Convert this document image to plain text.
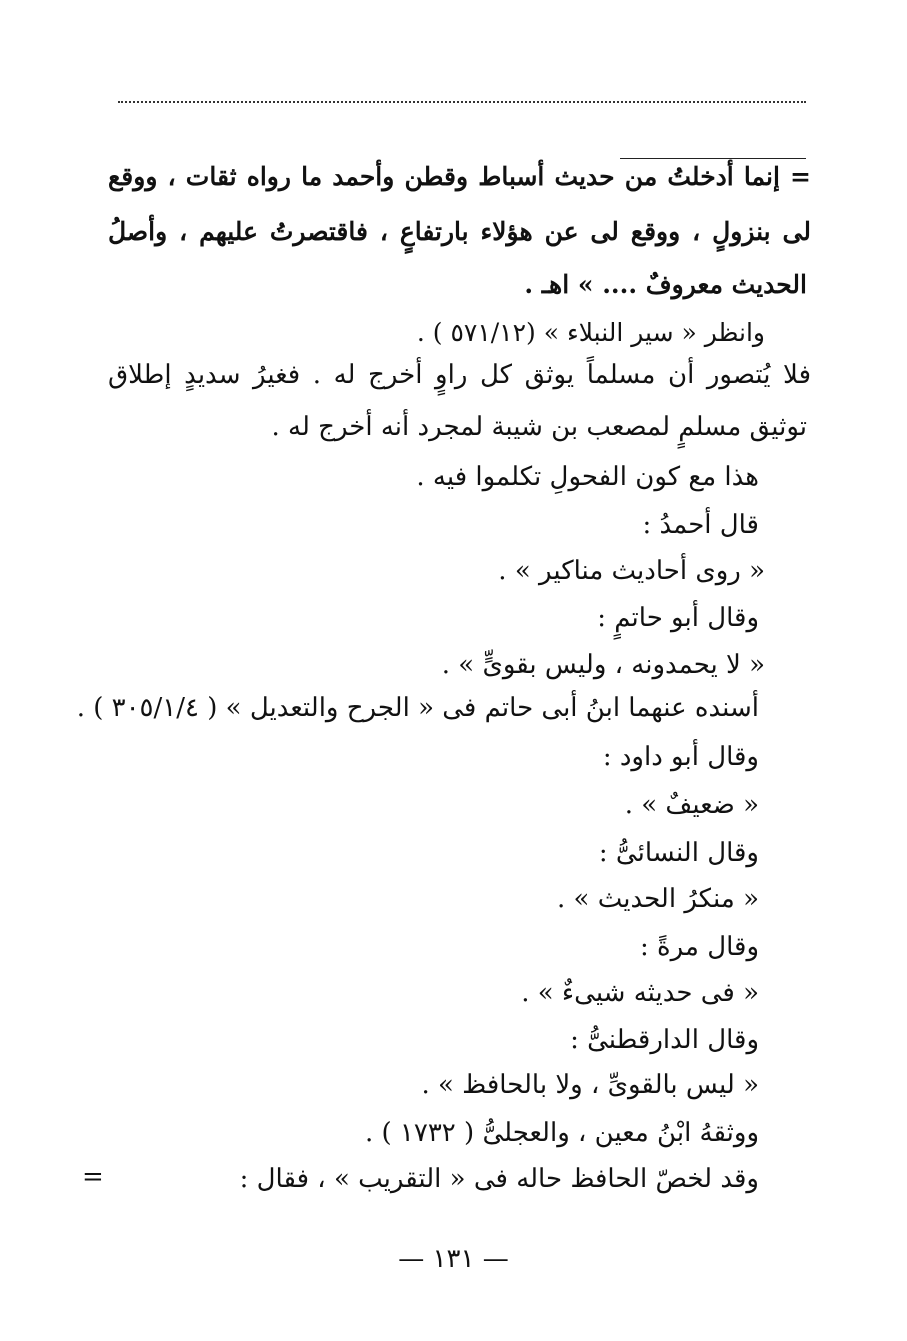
= إنما أدخلتُ من حديث أسباط وقطن وأحمد ما رواه ثقات ، ووقع
لى بنزولٍ ، ووقع لى عن هؤلاء بارتفاعٍ ، فاقتصرتُ عليهم ، وأصلُ
الحديث معروفٌ .... » اهـ .
وانظر « سير النبلاء » (٥٧١/١٢ ) .
فلا يُتصور أن مسلماً يوثق كل راوٍ أخرج له . فغيرُ سديدٍ إطلاق
توثيق مسلمٍ لمصعب بن شيبة لمجرد أنه أخرج له .
هذا مع كون الفحولِ تكلموا فيه .
قال أحمدُ :
« روى أحاديث مناكير » .
وقال أبو حاتمٍ :
« لا يحمدونه ، وليس بقوىٍّ » .
أسنده عنهما ابنُ أبى حاتم فى « الجرح والتعديل » ( ٣٠٥/١/٤ ) .
وقال أبو داود :
« ضعيفٌ » .
وقال النسائىُّ :
« منكرُ الحديث » .
وقال مرةً :
« فى حديثه شيىءٌ » .
وقال الدارقطنىُّ :
« ليس بالقوىِّ ، ولا بالحافظ » .
ووثقهُ ابْنُ معين ، والعجلىُّ ( ١٧٣٢ ) .
وقد لخصّ الحافظ حاله فى « التقريب » ، فقال :
=
— ١٣١ —
